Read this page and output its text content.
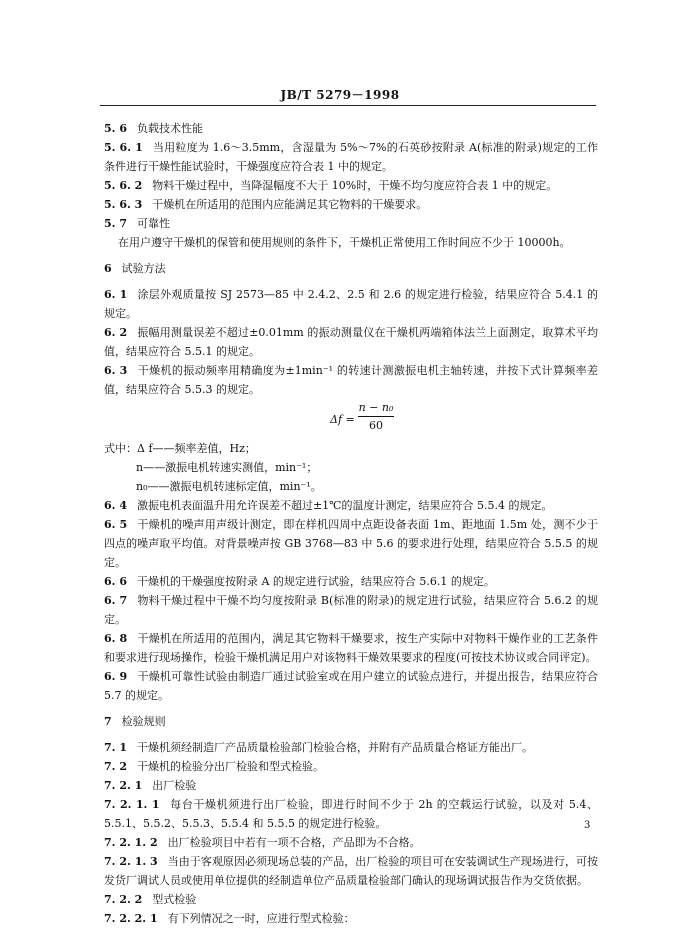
JB/T 5279－1998

5. 6 负载技术性能

5. 6. 1 当用粒度为 1.6～3.5mm，含湿量为 5%～7%的石英砂按附录 A(标准的附录)规定的工作条件进行干燥性能试验时，干燥强度应符合表 1 中的规定。

5. 6. 2 物料干燥过程中，当降湿幅度不大于 10%时，干燥不均匀度应符合表 1 中的规定。

5. 6. 3 干燥机在所适用的范围内应能满足其它物料的干燥要求。

5. 7 可靠性

在用户遵守干燥机的保管和使用规则的条件下，干燥机正常使用工作时间应不少于 10000h。

6 试验方法

6. 1 涂层外观质量按 SJ 2573—85 中 2.4.2、2.5 和 2.6 的规定进行检验，结果应符合 5.4.1 的规定。

6. 2 振幅用测量误差不超过±0.01mm 的振动测量仪在干燥机两端箱体法兰上面测定，取算术平均值，结果应符合 5.5.1 的规定。

6. 3 干燥机的振动频率用精确度为±1min⁻¹ 的转速计测激振电机主轴转速，并按下式计算频率差值，结果应符合 5.5.3 的规定。

Δf =
n − n₀
60

式中：Δ f——频率差值，Hz；

n——激振电机转速实测值，min⁻¹；

n₀——激振电机转速标定值，min⁻¹。

6. 4 激振电机表面温升用允许误差不超过±1℃的温度计测定，结果应符合 5.5.4 的规定。

6. 5 干燥机的噪声用声级计测定，即在样机四周中点距设备表面 1m、距地面 1.5m 处，测不少于四点的噪声取平均值。对背景噪声按 GB 3768—83 中 5.6 的要求进行处理，结果应符合 5.5.5 的规定。

6. 6 干燥机的干燥强度按附录 A 的规定进行试验，结果应符合 5.6.1 的规定。

6. 7 物料干燥过程中干燥不均匀度按附录 B(标准的附录)的规定进行试验，结果应符合 5.6.2 的规定。

6. 8 干燥机在所适用的范围内，满足其它物料干燥要求，按生产实际中对物料干燥作业的工艺条件和要求进行现场操作，检验干燥机满足用户对该物料干燥效果要求的程度(可按技术协议或合同评定)。

6. 9 干燥机可靠性试验由制造厂通过试验室或在用户建立的试验点进行，并提出报告，结果应符合 5.7 的规定。

7 检验规则

7. 1 干燥机须经制造厂产品质量检验部门检验合格，并附有产品质量合格证方能出厂。

7. 2 干燥机的检验分出厂检验和型式检验。

7. 2. 1 出厂检验

7. 2. 1. 1 每台干燥机须进行出厂检验，即进行时间不少于 2h 的空载运行试验，以及对 5.4、5.5.1、5.5.2、5.5.3、5.5.4 和 5.5.5 的规定进行检验。

7. 2. 1. 2 出厂检验项目中若有一项不合格，产品即为不合格。

7. 2. 1. 3 当由于客观原因必须现场总装的产品，出厂检验的项目可在安装调试生产现场进行，可按发货厂调试人员或使用单位提供的经制造单位产品质量检验部门确认的现场调试报告作为交货依据。

7. 2. 2 型式检验

7. 2. 2. 1 有下列情况之一时，应进行型式检验：

3
